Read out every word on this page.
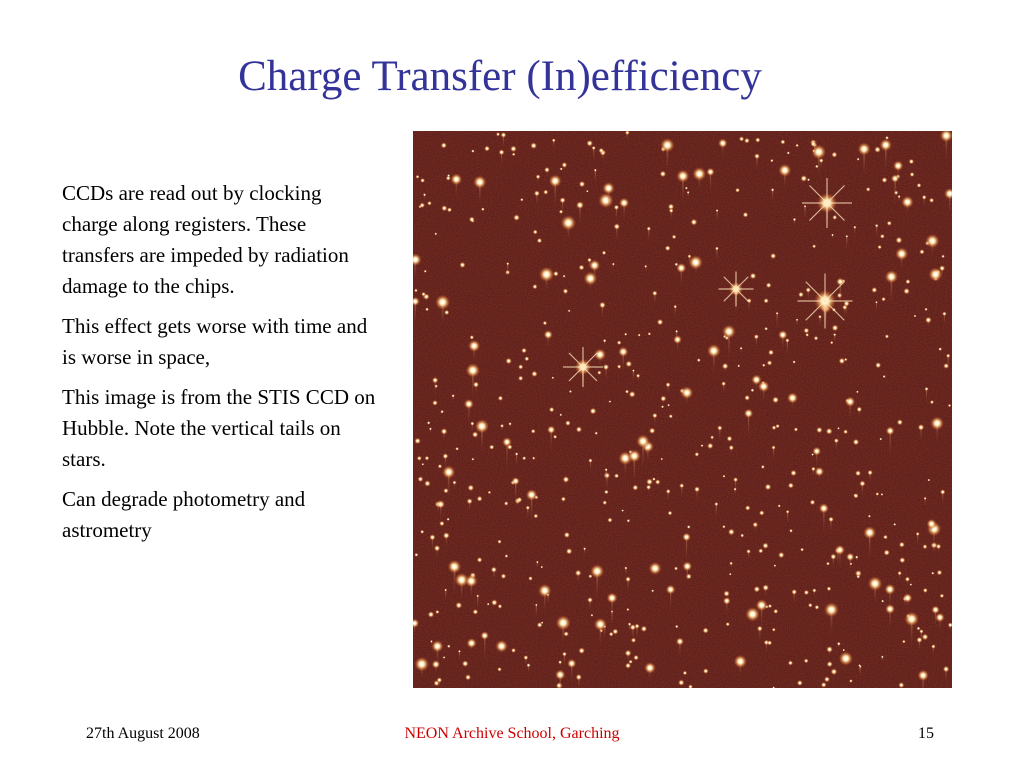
Charge Transfer (In)efficiency

CCDs are read out by clocking charge along registers. These transfers are impeded by radiation damage to the chips.

This effect gets worse with time and is worse in space,

This image is from the STIS CCD on Hubble. Note the vertical tails on stars.

Can degrade photometry and astrometry

27th August 2008	NEON Archive School, Garching	15
